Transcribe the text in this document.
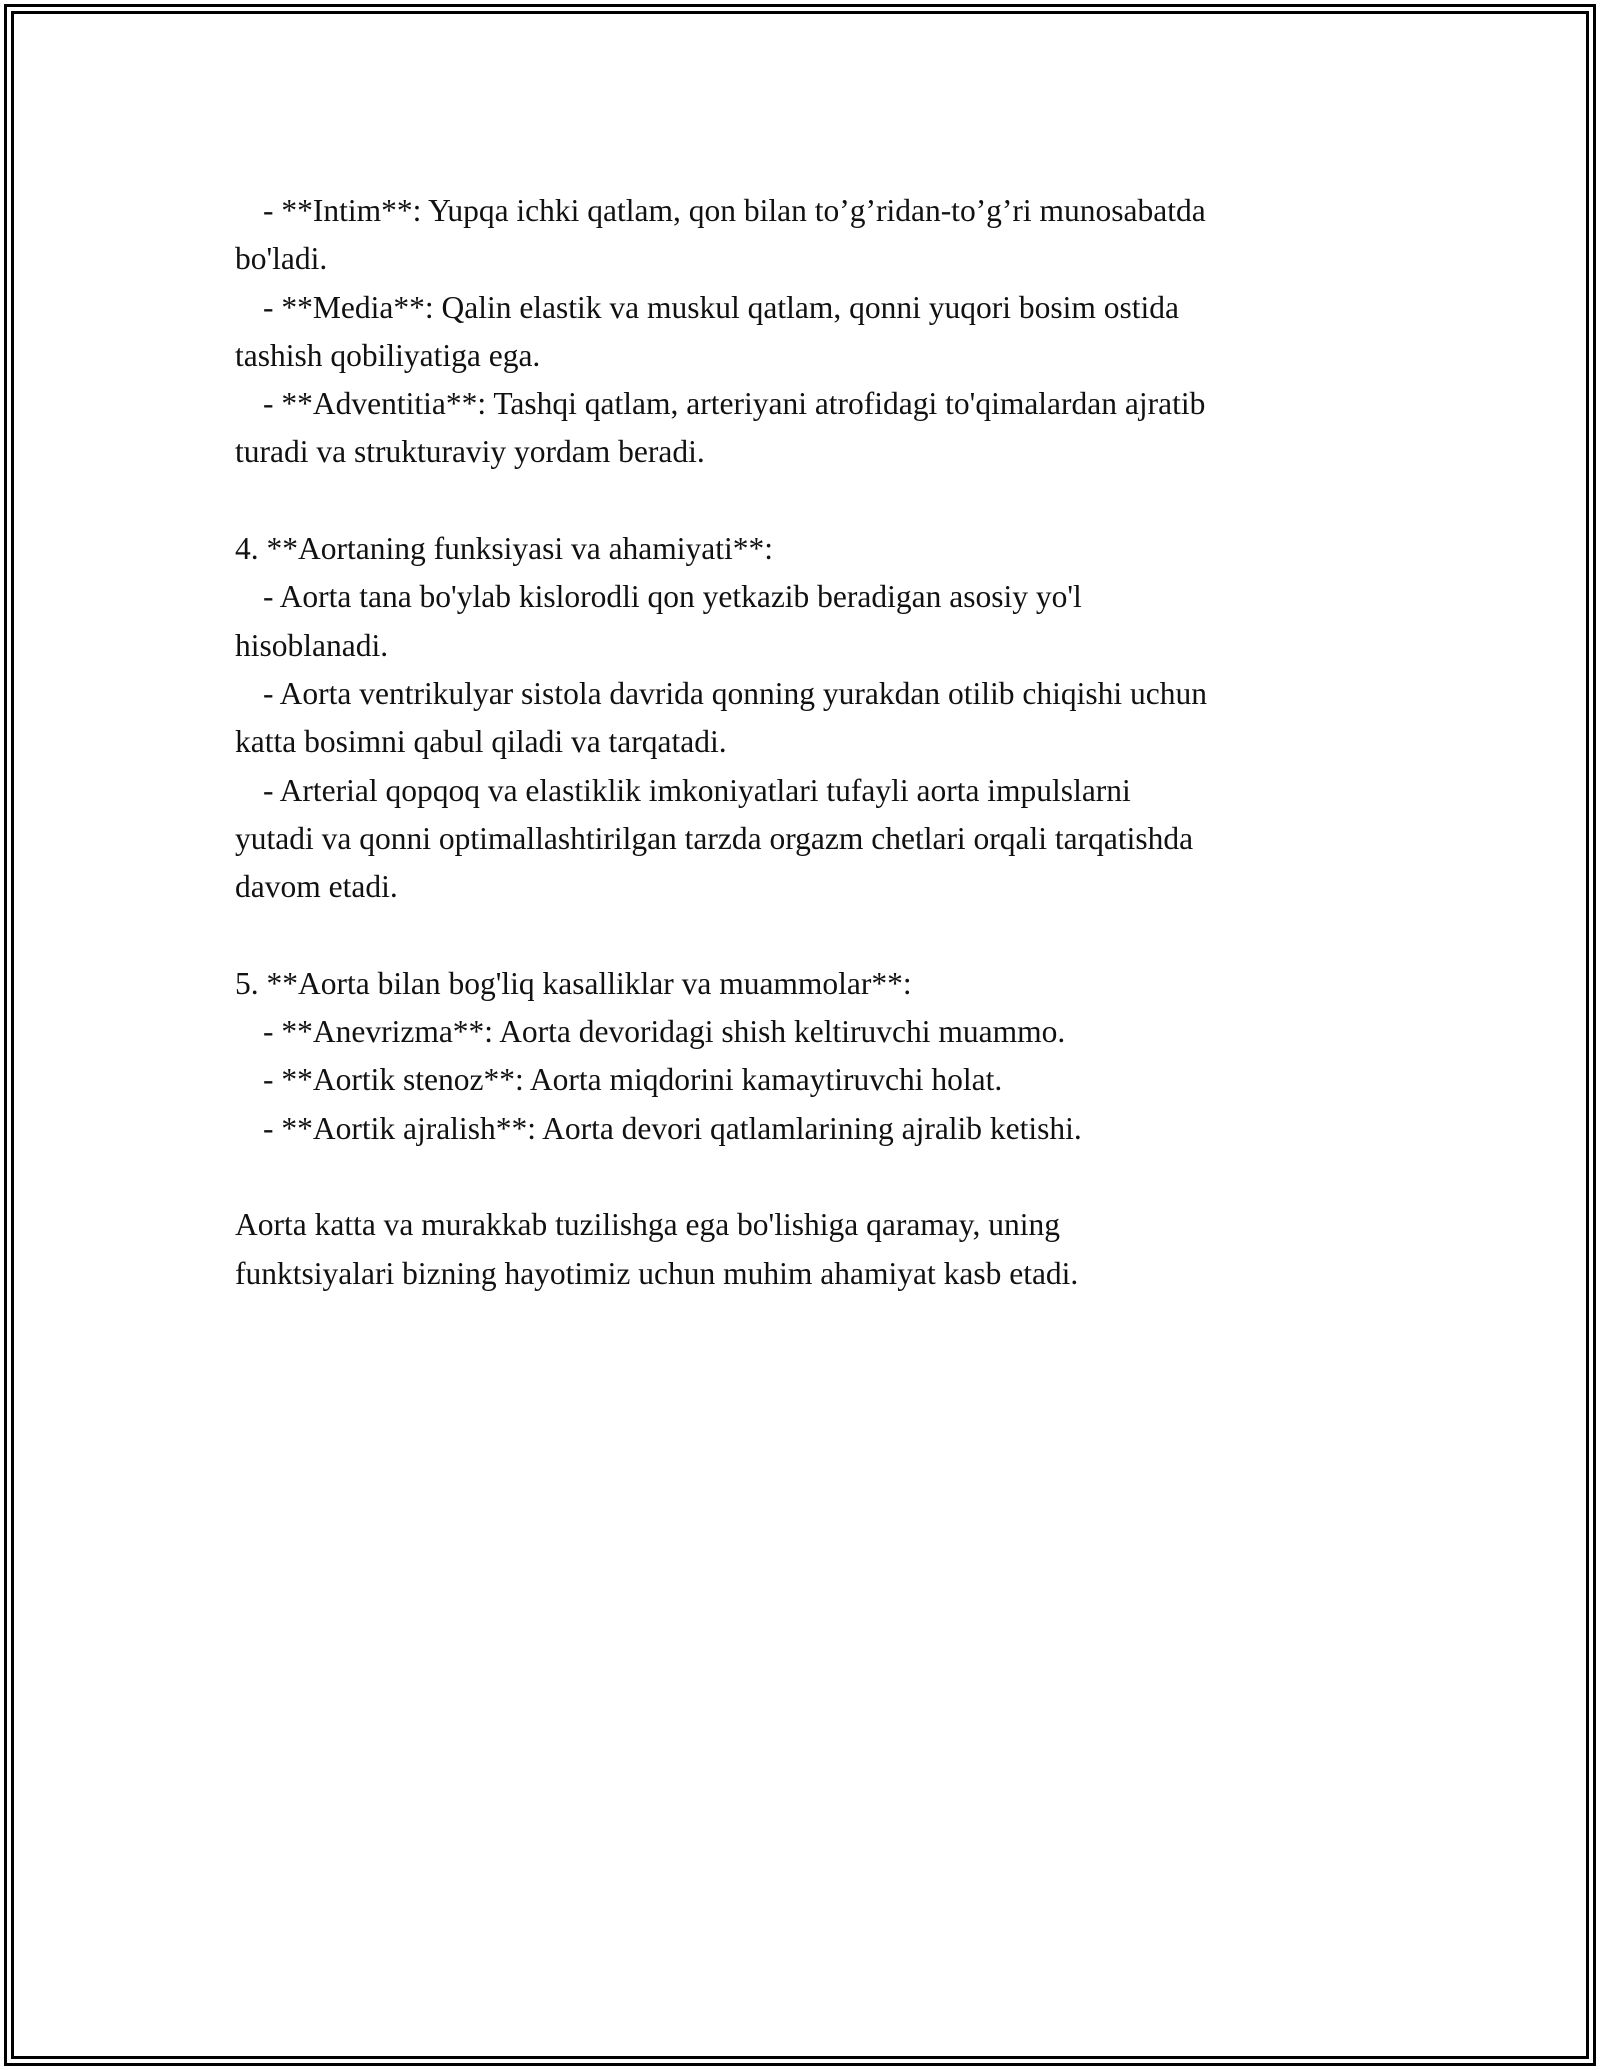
- **Intim**: Yupqa ichki qatlam, qon bilan to’g’ridan-to’g’ri munosabatda

bo'ladi.

- **Media**: Qalin elastik va muskul qatlam, qonni yuqori bosim ostida

tashish qobiliyatiga ega.

- **Adventitia**: Tashqi qatlam, arteriyani atrofidagi to'qimalardan ajratib

turadi va strukturaviy yordam beradi.

4. **Aortaning funksiyasi va ahamiyati**:

- Aorta tana bo'ylab kislorodli qon yetkazib beradigan asosiy yo'l

hisoblanadi.

- Aorta ventrikulyar sistola davrida qonning yurakdan otilib chiqishi uchun

katta bosimni qabul qiladi va tarqatadi.

- Arterial qopqoq va elastiklik imkoniyatlari tufayli aorta impulslarni

yutadi va qonni optimallashtirilgan tarzda orgazm chetlari orqali tarqatishda

davom etadi.

5. **Aorta bilan bog'liq kasalliklar va muammolar**:

- **Anevrizma**: Aorta devoridagi shish keltiruvchi muammo.

- **Aortik stenoz**: Aorta miqdorini kamaytiruvchi holat.

- **Aortik ajralish**: Aorta devori qatlamlarining ajralib ketishi.

Aorta katta va murakkab tuzilishga ega bo'lishiga qaramay, uning

funktsiyalari bizning hayotimiz uchun muhim ahamiyat kasb etadi.
